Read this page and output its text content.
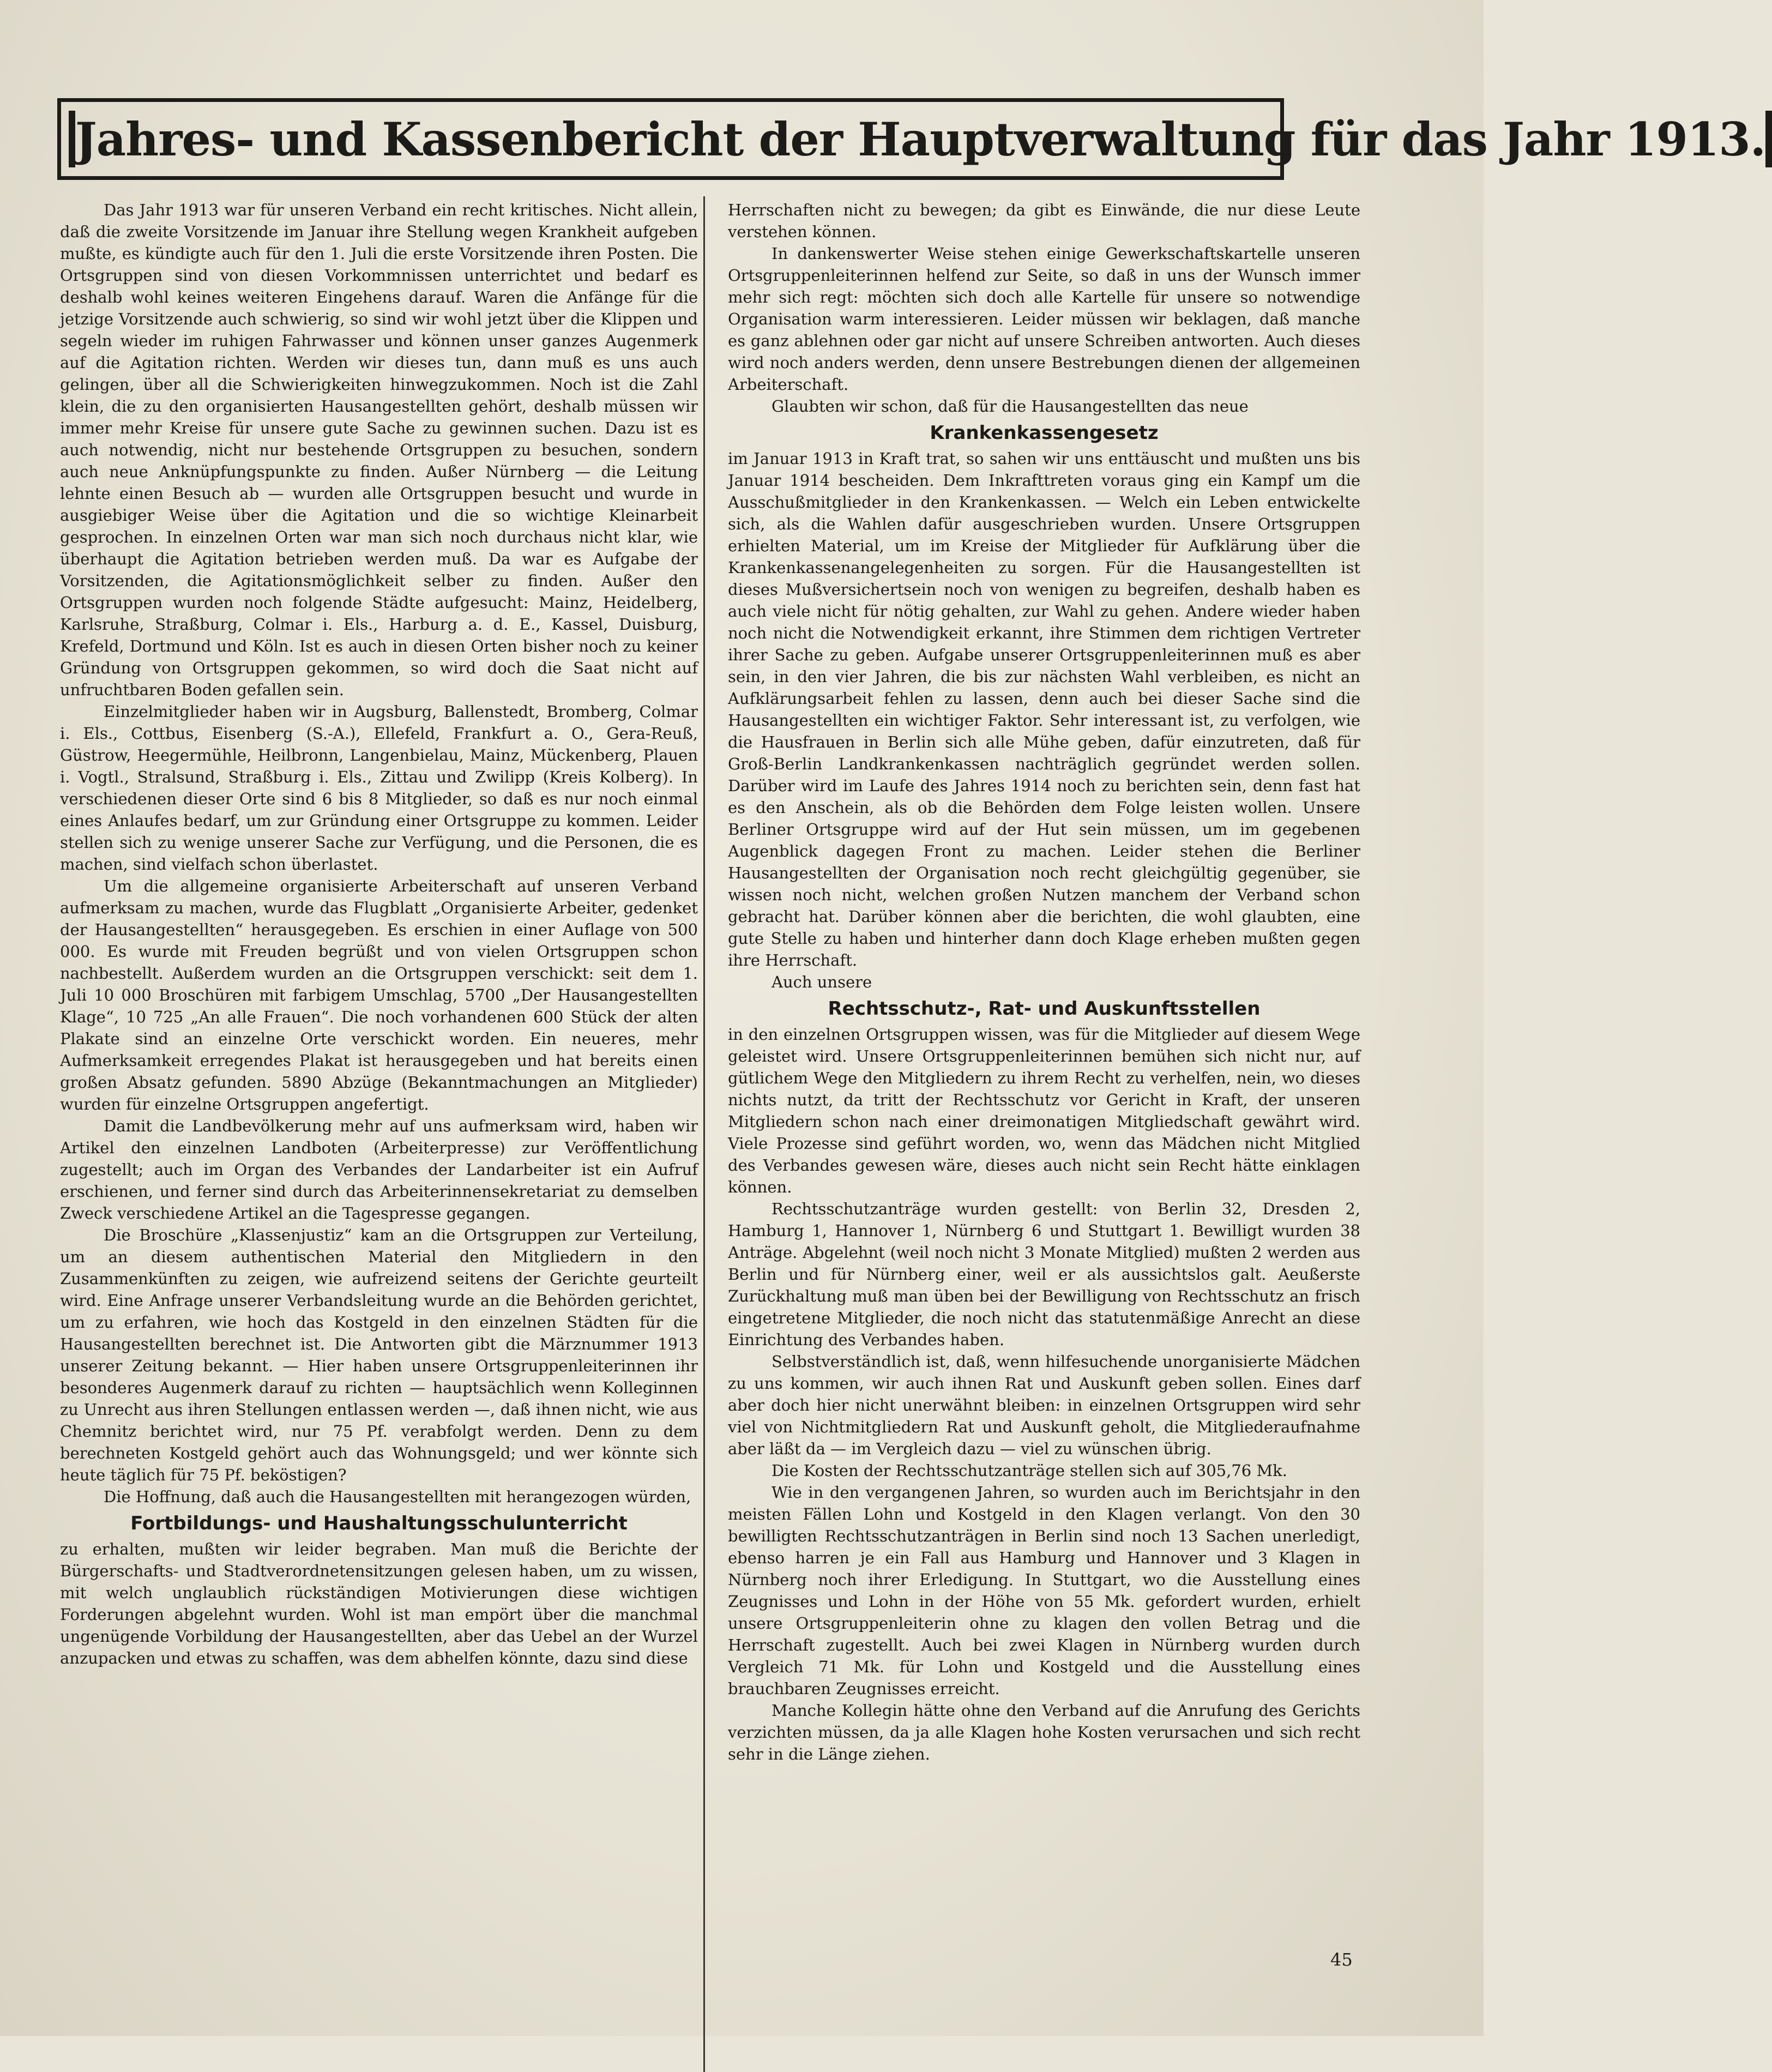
Jahres- und Kassenbericht der Hauptverwaltung für das Jahr 1913.

Das Jahr 1913 war für unseren Verband ein recht kritisches. Nicht allein, daß die zweite Vorsitzende im Januar ihre Stellung wegen Krankheit aufgeben mußte, es kündigte auch für den 1. Juli die erste Vorsitzende ihren Posten. Die Ortsgruppen sind von diesen Vorkommnissen unterrichtet und bedarf es deshalb wohl keines weiteren Eingehens darauf. Waren die Anfänge für die jetzige Vorsitzende auch schwierig, so sind wir wohl jetzt über die Klippen und segeln wieder im ruhigen Fahrwasser und können unser ganzes Augenmerk auf die Agitation richten. Werden wir dieses tun, dann muß es uns auch gelingen, über all die Schwierigkeiten hinwegzukommen. Noch ist die Zahl klein, die zu den organisierten Hausangestellten gehört, deshalb müssen wir immer mehr Kreise für unsere gute Sache zu gewinnen suchen. Dazu ist es auch notwendig, nicht nur bestehende Ortsgruppen zu besuchen, sondern auch neue Anknüpfungspunkte zu finden. Außer Nürnberg — die Leitung lehnte einen Besuch ab — wurden alle Ortsgruppen besucht und wurde in ausgiebiger Weise über die Agitation und die so wichtige Kleinarbeit gesprochen. In einzelnen Orten war man sich noch durchaus nicht klar, wie überhaupt die Agitation betrieben werden muß. Da war es Aufgabe der Vorsitzenden, die Agitationsmöglichkeit selber zu finden. Außer den Ortsgruppen wurden noch folgende Städte aufgesucht: Mainz, Heidelberg, Karlsruhe, Straßburg, Colmar i. Els., Harburg a. d. E., Kassel, Duisburg, Krefeld, Dortmund und Köln. Ist es auch in diesen Orten bisher noch zu keiner Gründung von Ortsgruppen gekommen, so wird doch die Saat nicht auf unfruchtbaren Boden gefallen sein.

Einzelmitglieder haben wir in Augsburg, Ballenstedt, Bromberg, Colmar i. Els., Cottbus, Eisenberg (S.-A.), Ellefeld, Frankfurt a. O., Gera-Reuß, Güstrow, Heegermühle, Heilbronn, Langenbielau, Mainz, Mückenberg, Plauen i. Vogtl., Stralsund, Straßburg i. Els., Zittau und Zwilipp (Kreis Kolberg). In verschiedenen dieser Orte sind 6 bis 8 Mitglieder, so daß es nur noch einmal eines Anlaufes bedarf, um zur Gründung einer Ortsgruppe zu kommen. Leider stellen sich zu wenige unserer Sache zur Verfügung, und die Personen, die es machen, sind vielfach schon überlastet.

Um die allgemeine organisierte Arbeiterschaft auf unseren Verband aufmerksam zu machen, wurde das Flugblatt „Organisierte Arbeiter, gedenket der Hausangestellten“ herausgegeben. Es erschien in einer Auflage von 500 000. Es wurde mit Freuden begrüßt und von vielen Ortsgruppen schon nachbestellt. Außerdem wurden an die Ortsgruppen verschickt: seit dem 1. Juli 10 000 Broschüren mit farbigem Umschlag, 5700 „Der Hausangestellten Klage“, 10 725 „An alle Frauen“. Die noch vorhandenen 600 Stück der alten Plakate sind an einzelne Orte verschickt worden. Ein neueres, mehr Aufmerksamkeit erregendes Plakat ist herausgegeben und hat bereits einen großen Absatz gefunden. 5890 Abzüge (Bekanntmachungen an Mitglieder) wurden für einzelne Ortsgruppen angefertigt.

Damit die Landbevölkerung mehr auf uns aufmerksam wird, haben wir Artikel den einzelnen Landboten (Arbeiterpresse) zur Veröffentlichung zugestellt; auch im Organ des Verbandes der Landarbeiter ist ein Aufruf erschienen, und ferner sind durch das Arbeiterinnensekretariat zu demselben Zweck verschiedene Artikel an die Tagespresse gegangen.

Die Broschüre „Klassenjustiz“ kam an die Ortsgruppen zur Verteilung, um an diesem authentischen Material den Mitgliedern in den Zusammenkünften zu zeigen, wie aufreizend seitens der Gerichte geurteilt wird. Eine Anfrage unserer Verbandsleitung wurde an die Behörden gerichtet, um zu erfahren, wie hoch das Kostgeld in den einzelnen Städten für die Hausangestellten berechnet ist. Die Antworten gibt die Märznummer 1913 unserer Zeitung bekannt. — Hier haben unsere Ortsgruppenleiterinnen ihr besonderes Augenmerk darauf zu richten — hauptsächlich wenn Kolleginnen zu Unrecht aus ihren Stellungen entlassen werden —, daß ihnen nicht, wie aus Chemnitz berichtet wird, nur 75 Pf. verabfolgt werden. Denn zu dem berechneten Kostgeld gehört auch das Wohnungsgeld; und wer könnte sich heute täglich für 75 Pf. beköstigen?

Die Hoffnung, daß auch die Hausangestellten mit herangezogen würden,

Fortbildungs- und Haushaltungsschulunterricht

zu erhalten, mußten wir leider begraben. Man muß die Berichte der Bürgerschafts- und Stadtverordnetensitzungen gelesen haben, um zu wissen, mit welch unglaublich rückständigen Motivierungen diese wichtigen Forderungen abgelehnt wurden. Wohl ist man empört über die manchmal ungenügende Vorbildung der Hausangestellten, aber das Uebel an der Wurzel anzupacken und etwas zu schaffen, was dem abhelfen könnte, dazu sind diese

Herrschaften nicht zu bewegen; da gibt es Einwände, die nur diese Leute verstehen können.

In dankenswerter Weise stehen einige Gewerkschaftskartelle unseren Ortsgruppenleiterinnen helfend zur Seite, so daß in uns der Wunsch immer mehr sich regt: möchten sich doch alle Kartelle für unsere so notwendige Organisation warm interessieren. Leider müssen wir beklagen, daß manche es ganz ablehnen oder gar nicht auf unsere Schreiben antworten. Auch dieses wird noch anders werden, denn unsere Bestrebungen dienen der allgemeinen Arbeiterschaft.

Glaubten wir schon, daß für die Hausangestellten das neue

Krankenkassengesetz

im Januar 1913 in Kraft trat, so sahen wir uns enttäuscht und mußten uns bis Januar 1914 bescheiden. Dem Inkrafttreten voraus ging ein Kampf um die Ausschußmitglieder in den Krankenkassen. — Welch ein Leben entwickelte sich, als die Wahlen dafür ausgeschrieben wurden. Unsere Ortsgruppen erhielten Material, um im Kreise der Mitglieder für Aufklärung über die Krankenkassenangelegenheiten zu sorgen. Für die Hausangestellten ist dieses Mußversichertsein noch von wenigen zu begreifen, deshalb haben es auch viele nicht für nötig gehalten, zur Wahl zu gehen. Andere wieder haben noch nicht die Notwendigkeit erkannt, ihre Stimmen dem richtigen Vertreter ihrer Sache zu geben. Aufgabe unserer Ortsgruppenleiterinnen muß es aber sein, in den vier Jahren, die bis zur nächsten Wahl verbleiben, es nicht an Aufklärungsarbeit fehlen zu lassen, denn auch bei dieser Sache sind die Hausangestellten ein wichtiger Faktor. Sehr interessant ist, zu verfolgen, wie die Hausfrauen in Berlin sich alle Mühe geben, dafür einzutreten, daß für Groß-Berlin Landkrankenkassen nachträglich gegründet werden sollen. Darüber wird im Laufe des Jahres 1914 noch zu berichten sein, denn fast hat es den Anschein, als ob die Behörden dem Folge leisten wollen. Unsere Berliner Ortsgruppe wird auf der Hut sein müssen, um im gegebenen Augenblick dagegen Front zu machen. Leider stehen die Berliner Hausangestellten der Organisation noch recht gleichgültig gegenüber, sie wissen noch nicht, welchen großen Nutzen manchem der Verband schon gebracht hat. Darüber können aber die berichten, die wohl glaubten, eine gute Stelle zu haben und hinterher dann doch Klage erheben mußten gegen ihre Herrschaft.

Auch unsere

Rechtsschutz-, Rat- und Auskunftsstellen

in den einzelnen Ortsgruppen wissen, was für die Mitglieder auf diesem Wege geleistet wird. Unsere Ortsgruppenleiterinnen bemühen sich nicht nur, auf gütlichem Wege den Mitgliedern zu ihrem Recht zu verhelfen, nein, wo dieses nichts nutzt, da tritt der Rechtsschutz vor Gericht in Kraft, der unseren Mitgliedern schon nach einer dreimonatigen Mitgliedschaft gewährt wird. Viele Prozesse sind geführt worden, wo, wenn das Mädchen nicht Mitglied des Verbandes gewesen wäre, dieses auch nicht sein Recht hätte einklagen können.

Rechtsschutzanträge wurden gestellt: von Berlin 32, Dresden 2, Hamburg 1, Hannover 1, Nürnberg 6 und Stuttgart 1. Bewilligt wurden 38 Anträge. Abgelehnt (weil noch nicht 3 Monate Mitglied) mußten 2 werden aus Berlin und für Nürnberg einer, weil er als aussichtslos galt. Aeußerste Zurückhaltung muß man üben bei der Bewilligung von Rechtsschutz an frisch eingetretene Mitglieder, die noch nicht das statutenmäßige Anrecht an diese Einrichtung des Verbandes haben.

Selbstverständlich ist, daß, wenn hilfesuchende unorganisierte Mädchen zu uns kommen, wir auch ihnen Rat und Auskunft geben sollen. Eines darf aber doch hier nicht unerwähnt bleiben: in einzelnen Ortsgruppen wird sehr viel von Nichtmitgliedern Rat und Auskunft geholt, die Mitgliederaufnahme aber läßt da — im Vergleich dazu — viel zu wünschen übrig.

Die Kosten der Rechtsschutzanträge stellen sich auf 305,76 Mk.

Wie in den vergangenen Jahren, so wurden auch im Berichtsjahr in den meisten Fällen Lohn und Kostgeld in den Klagen verlangt. Von den 30 bewilligten Rechtsschutzanträgen in Berlin sind noch 13 Sachen unerledigt, ebenso harren je ein Fall aus Hamburg und Hannover und 3 Klagen in Nürnberg noch ihrer Erledigung. In Stuttgart, wo die Ausstellung eines Zeugnisses und Lohn in der Höhe von 55 Mk. gefordert wurden, erhielt unsere Ortsgruppenleiterin ohne zu klagen den vollen Betrag und die Herrschaft zugestellt. Auch bei zwei Klagen in Nürnberg wurden durch Vergleich 71 Mk. für Lohn und Kostgeld und die Ausstellung eines brauchbaren Zeugnisses erreicht.

Manche Kollegin hätte ohne den Verband auf die Anrufung des Gerichts verzichten müssen, da ja alle Klagen hohe Kosten verursachen und sich recht sehr in die Länge ziehen.

45
